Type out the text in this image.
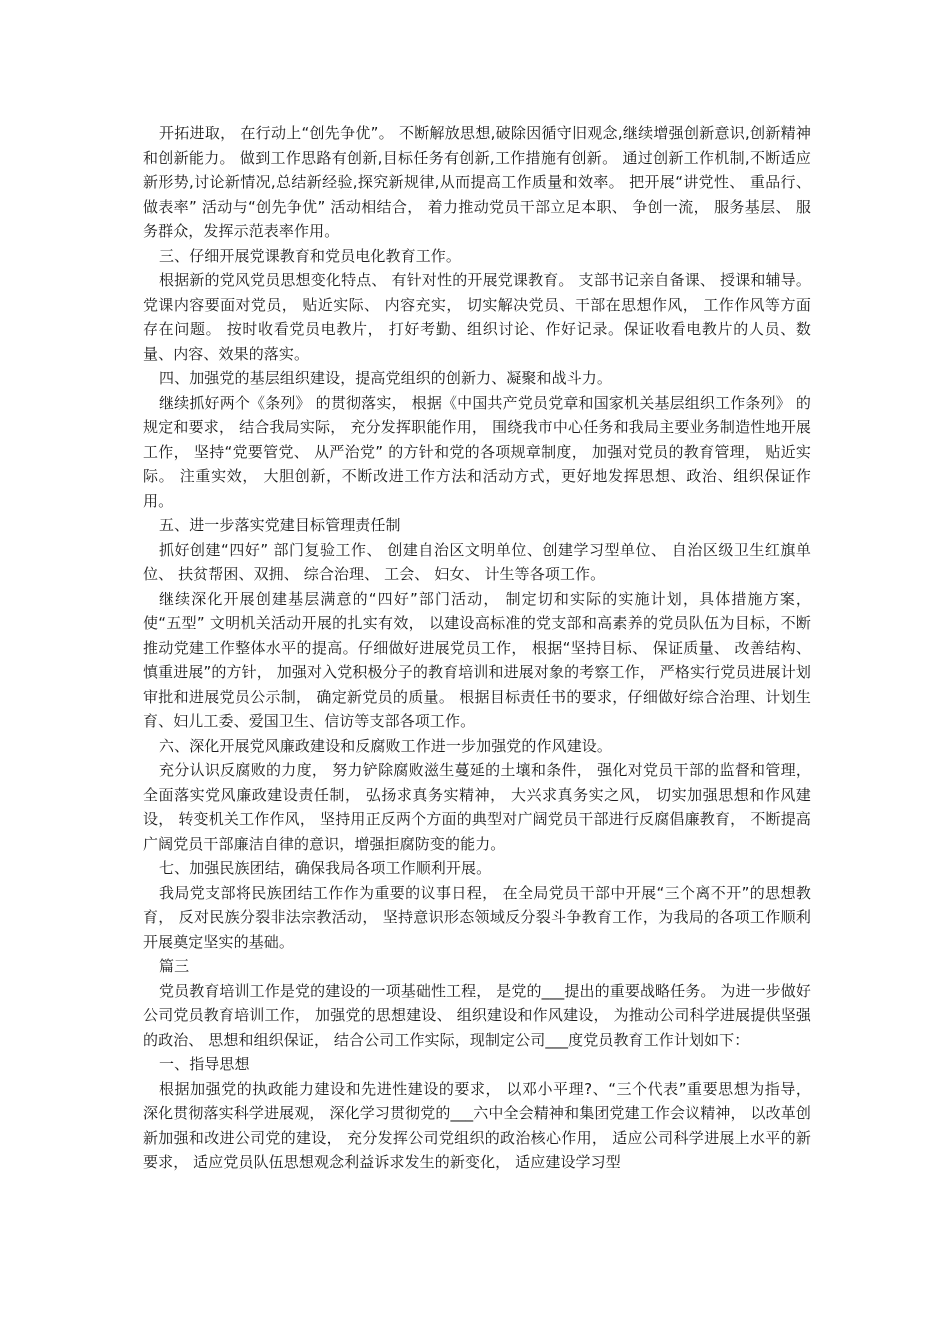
开拓进取， 在行动上“创先争优”。 不断解放思想,破除因循守旧观念,继续增强创新意识,创新精神和创新能力。 做到工作思路有创新,目标任务有创新,工作措施有创新。 通过创新工作机制,不断适应新形势,讨论新情况,总结新经验,探究新规律,从而提高工作质量和效率。 把开展“讲党性、 重品行、 做表率” 活动与“创先争优” 活动相结合， 着力推动党员干部立足本职、 争创一流， 服务基层、 服务群众，发挥示范表率作用。

三、仔细开展党课教育和党员电化教育工作。

根据新的党风党员思想变化特点、 有针对性的开展党课教育。 支部书记亲自备课、 授课和辅导。 党课内容要面对党员， 贴近实际、 内容充实， 切实解决党员、干部在思想作风， 工作作风等方面存在问题。 按时收看党员电教片， 打好考勤、组织讨论、作好记录。保证收看电教片的人员、数量、内容、效果的落实。

四、加强党的基层组织建设，提高党组织的创新力、凝聚和战斗力。

继续抓好两个《条列》 的贯彻落实， 根据《中国共产党员党章和国家机关基层组织工作条列》 的规定和要求， 结合我局实际， 充分发挥职能作用， 围绕我市中心任务和我局主要业务制造性地开展工作， 坚持“党要管党、 从严治党” 的方针和党的各项规章制度， 加强对党员的教育管理， 贴近实际。 注重实效， 大胆创新，不断改进工作方法和活动方式，更好地发挥思想、政治、组织保证作用。

五、进一步落实党建目标管理责任制

抓好创建“四好” 部门复验工作、 创建自治区文明单位、创建学习型单位、 自治区级卫生红旗单位、 扶贫帮困、双拥、 综合治理、 工会、 妇女、 计生等各项工作。

继续深化开展创建基层满意的“四好”部门活动， 制定切和实际的实施计划，具体措施方案， 使“五型” 文明机关活动开展的扎实有效， 以建设高标准的党支部和高素养的党员队伍为目标，不断推动党建工作整体水平的提高。仔细做好进展党员工作， 根据“坚持目标、 保证质量、 改善结构、 慎重进展”的方针， 加强对入党积极分子的教育培训和进展对象的考察工作， 严格实行党员进展计划审批和进展党员公示制， 确定新党员的质量。 根据目标责任书的要求，仔细做好综合治理、计划生育、妇儿工委、爱国卫生、信访等支部各项工作。

六、深化开展党风廉政建设和反腐败工作进一步加强党的作风建设。

充分认识反腐败的力度， 努力铲除腐败滋生蔓延的土壤和条件， 强化对党员干部的监督和管理， 全面落实党风廉政建设责任制， 弘扬求真务实精神， 大兴求真务实之风， 切实加强思想和作风建设， 转变机关工作作风， 坚持用正反两个方面的典型对广阔党员干部进行反腐倡廉教育， 不断提高广阔党员干部廉洁自律的意识，增强拒腐防变的能力。

七、加强民族团结，确保我局各项工作顺利开展。

我局党支部将民族团结工作作为重要的议事日程， 在全局党员干部中开展“三个离不开”的思想教育， 反对民族分裂非法宗教活动， 坚持意识形态领域反分裂斗争教育工作，为我局的各项工作顺利开展奠定坚实的基础。

篇三

党员教育培训工作是党的建设的一项基础性工程， 是党的___提出的重要战略任务。 为进一步做好公司党员教育培训工作， 加强党的思想建设、 组织建设和作风建设， 为推动公司科学进展提供坚强的政治、 思想和组织保证， 结合公司工作实际，现制定公司___度党员教育工作计划如下：

一、指导思想

根据加强党的执政能力建设和先进性建设的要求， 以邓小平理?、“三个代表”重要思想为指导， 深化贯彻落实科学进展观， 深化学习贯彻党的___六中全会精神和集团党建工作会议精神， 以改革创新加强和改进公司党的建设， 充分发挥公司党组织的政治核心作用， 适应公司科学进展上水平的新要求， 适应党员队伍思想观念利益诉求发生的新变化， 适应建设学习型
